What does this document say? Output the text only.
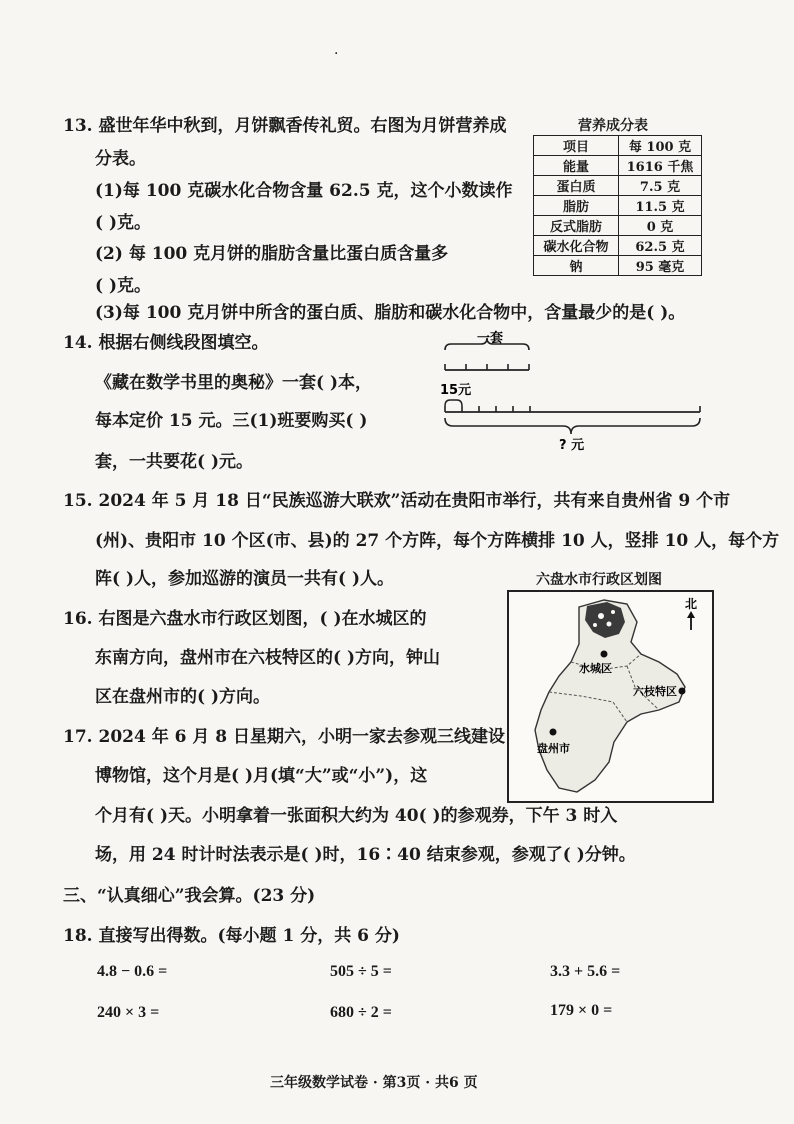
·
13. 盛世年华中秋到，月饼飘香传礼贸。右图为月饼营养成
分表。
(1)每 100 克碳水化合物含量 62.5 克，这个小数读作
( )克。
(2) 每 100 克月饼的脂肪含量比蛋白质含量多
( )克。
(3)每 100 克月饼中所含的蛋白质、脂肪和碳水化合物中，含量最少的是( )。
营养成分表
项目	每 100 克
能量	1616 千焦
蛋白质	7.5 克
脂肪	11.5 克
反式脂肪	0 克
碳水化合物	62.5 克
钠	95 毫克
14. 根据右侧线段图填空。
《藏在数学书里的奥秘》一套( )本，
每本定价 15 元。三(1)班要购买( )
套，一共要花( )元。
一套
15元
? 元
15. 2024 年 5 月 18 日“民族巡游大联欢”活动在贵阳市举行，共有来自贵州省 9 个市
(州)、贵阳市 10 个区(市、县)的 27 个方阵，每个方阵横排 10 人，竖排 10 人，每个方
阵( )人，参加巡游的演员一共有( )人。	六盘水市行政区划图
水城区
六枝特区
盘州市
北
16. 右图是六盘水市行政区划图，( )在水城区的
东南方向，盘州市在六枝特区的( )方向，钟山
区在盘州市的( )方向。
17. 2024 年 6 月 8 日星期六，小明一家去参观三线建设
博物馆，这个月是( )月(填“大”或“小”)，这
个月有( )天。小明拿着一张面积大约为 40( )的参观券，下午 3 时入
场，用 24 时计时法表示是( )时，16∶40 结束参观，参观了( )分钟。
三、“认真细心”我会算。(23 分)
18. 直接写出得数。(每小题 1 分，共 6 分)
4.8 − 0.6 =	505 ÷ 5 =	3.3 + 5.6 =
240 × 3 =	680 ÷ 2 =	179 × 0 =
三年级数学试卷 · 第3页 · 共6 页
